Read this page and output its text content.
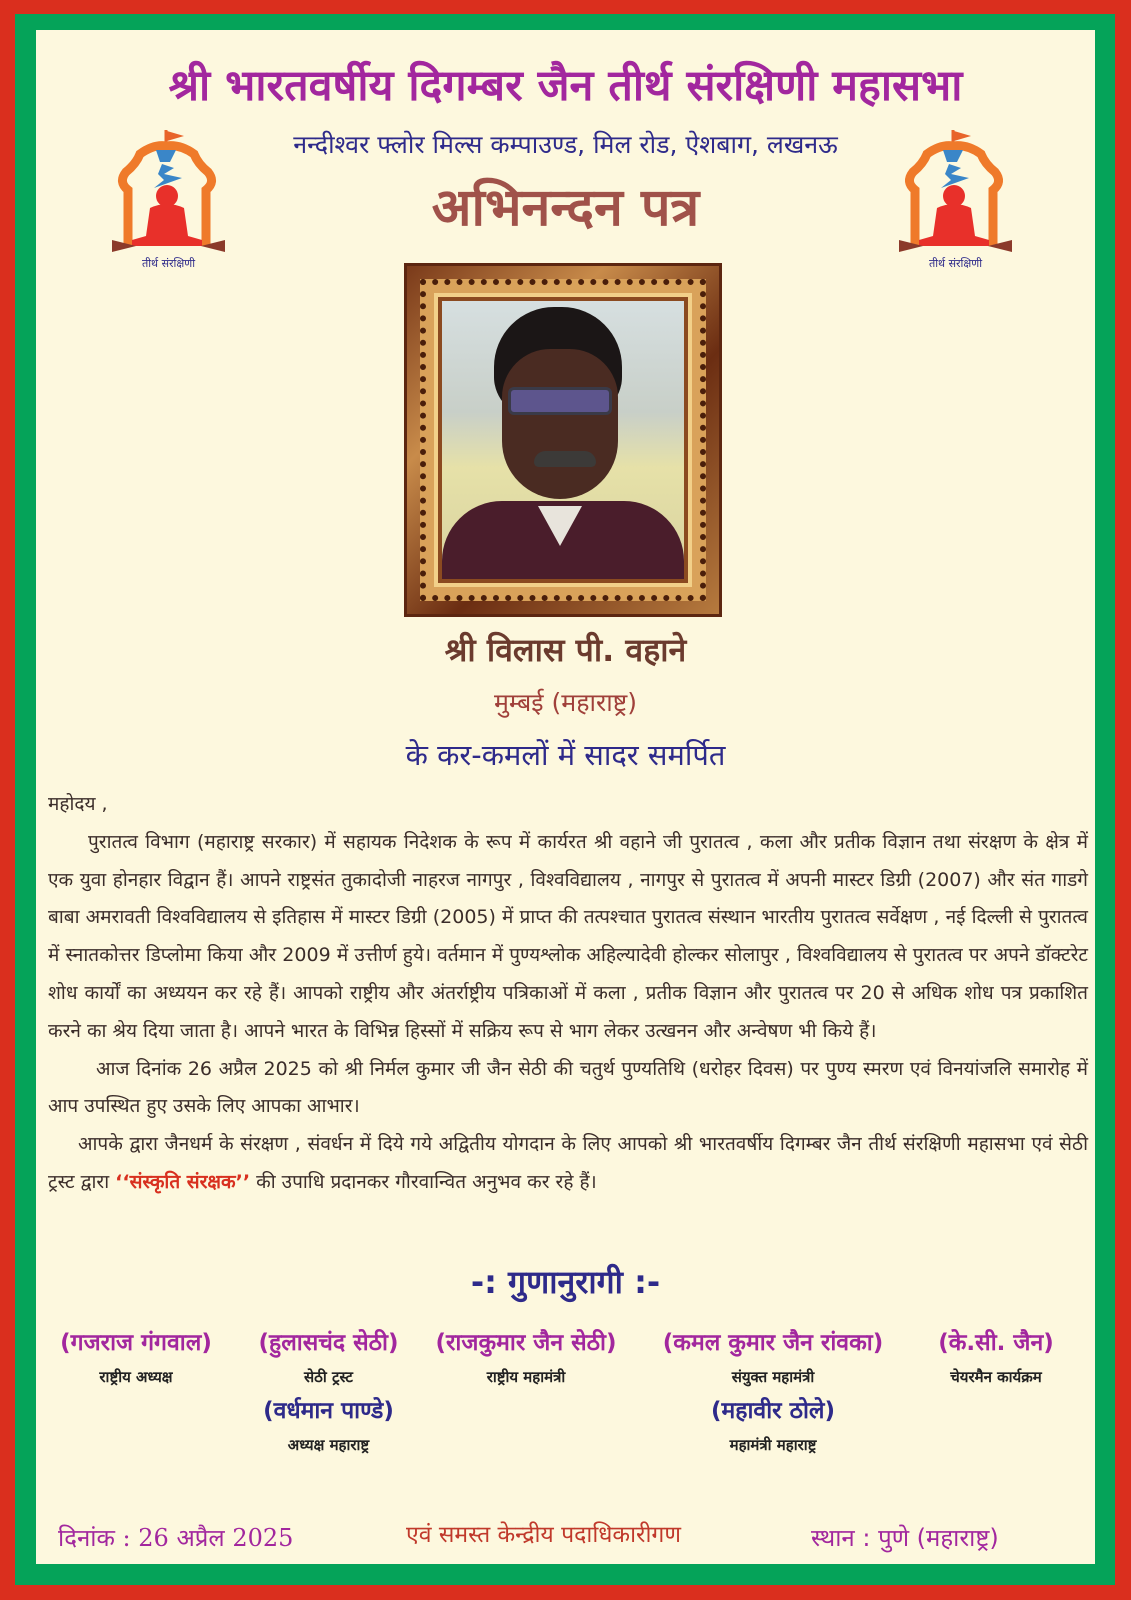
श्री भारतवर्षीय दिगम्बर जैन तीर्थ संरक्षिणी महासभा
नन्दीश्वर फ्लोर मिल्स कम्पाउण्ड, मिल रोड, ऐशबाग, लखनऊ
अभिनन्दन पत्र
तीर्थ संरक्षिणी	तीर्थ संरक्षिणी
श्री विलास पी. वहाने
मुम्बई (महाराष्ट्र)
के कर-कमलों में सादर समर्पित

महोदय ,

पुरातत्व विभाग (महाराष्ट्र सरकार) में सहायक निदेशक के रूप में कार्यरत श्री वहाने जी पुरातत्व , कला और प्रतीक विज्ञान तथा संरक्षण के क्षेत्र में एक युवा होनहार विद्वान हैं। आपने राष्ट्रसंत तुकादोजी नाहरज नागपुर , विश्वविद्यालय , नागपुर से पुरातत्व में अपनी मास्टर डिग्री (2007) और संत गाडगे बाबा अमरावती विश्वविद्यालय से इतिहास में मास्टर डिग्री (2005) में प्राप्त की तत्पश्चात पुरातत्व संस्थान भारतीय पुरातत्व सर्वेक्षण , नई दिल्ली से पुरातत्व में स्नातकोत्तर डिप्लोमा किया और 2009 में उत्तीर्ण हुये। वर्तमान में पुण्यश्लोक अहिल्यादेवी होल्कर सोलापुर , विश्वविद्यालय से पुरातत्व पर अपने डॉक्टरेट शोध कार्यों का अध्ययन कर रहे हैं। आपको राष्ट्रीय और अंतर्राष्ट्रीय पत्रिकाओं में कला , प्रतीक विज्ञान और पुरातत्व पर 20 से अधिक शोध पत्र प्रकाशित करने का श्रेय दिया जाता है। आपने भारत के विभिन्न हिस्सों में सक्रिय रूप से भाग लेकर उत्खनन और अन्वेषण भी किये हैं।

आज दिनांक 26 अप्रैल 2025 को श्री निर्मल कुमार जी जैन सेठी की चतुर्थ पुण्यतिथि (धरोहर दिवस) पर पुण्य स्मरण एवं विनयांजलि समारोह में आप उपस्थित हुए उसके लिए आपका आभार।

आपके द्वारा जैनधर्म के संरक्षण , संवर्धन में दिये गये अद्वितीय योगदान के लिए आपको श्री भारतवर्षीय दिगम्बर जैन तीर्थ संरक्षिणी महासभा एवं सेठी ट्रस्ट द्वारा ‘‘संस्कृति संरक्षक’’ की उपाधि प्रदानकर गौरवान्वित अनुभव कर रहे हैं।

-: गुणानुरागी :-
(गजराज गंगवाल)
राष्ट्रीय अध्यक्ष
(हुलासचंद सेठी)
सेठी ट्रस्ट
(वर्धमान पाण्डे)
अध्यक्ष महाराष्ट्र
(राजकुमार जैन सेठी)
राष्ट्रीय महामंत्री
(कमल कुमार जैन रांवका)
संयुक्त महामंत्री
(महावीर ठोले)
महामंत्री महाराष्ट्र
(के.सी. जैन)
चेयरमैन कार्यक्रम
दिनांक : 26 अप्रैल 2025	एवं समस्त केन्द्रीय पदाधिकारीगण	स्थान : पुणे (महाराष्ट्र)
